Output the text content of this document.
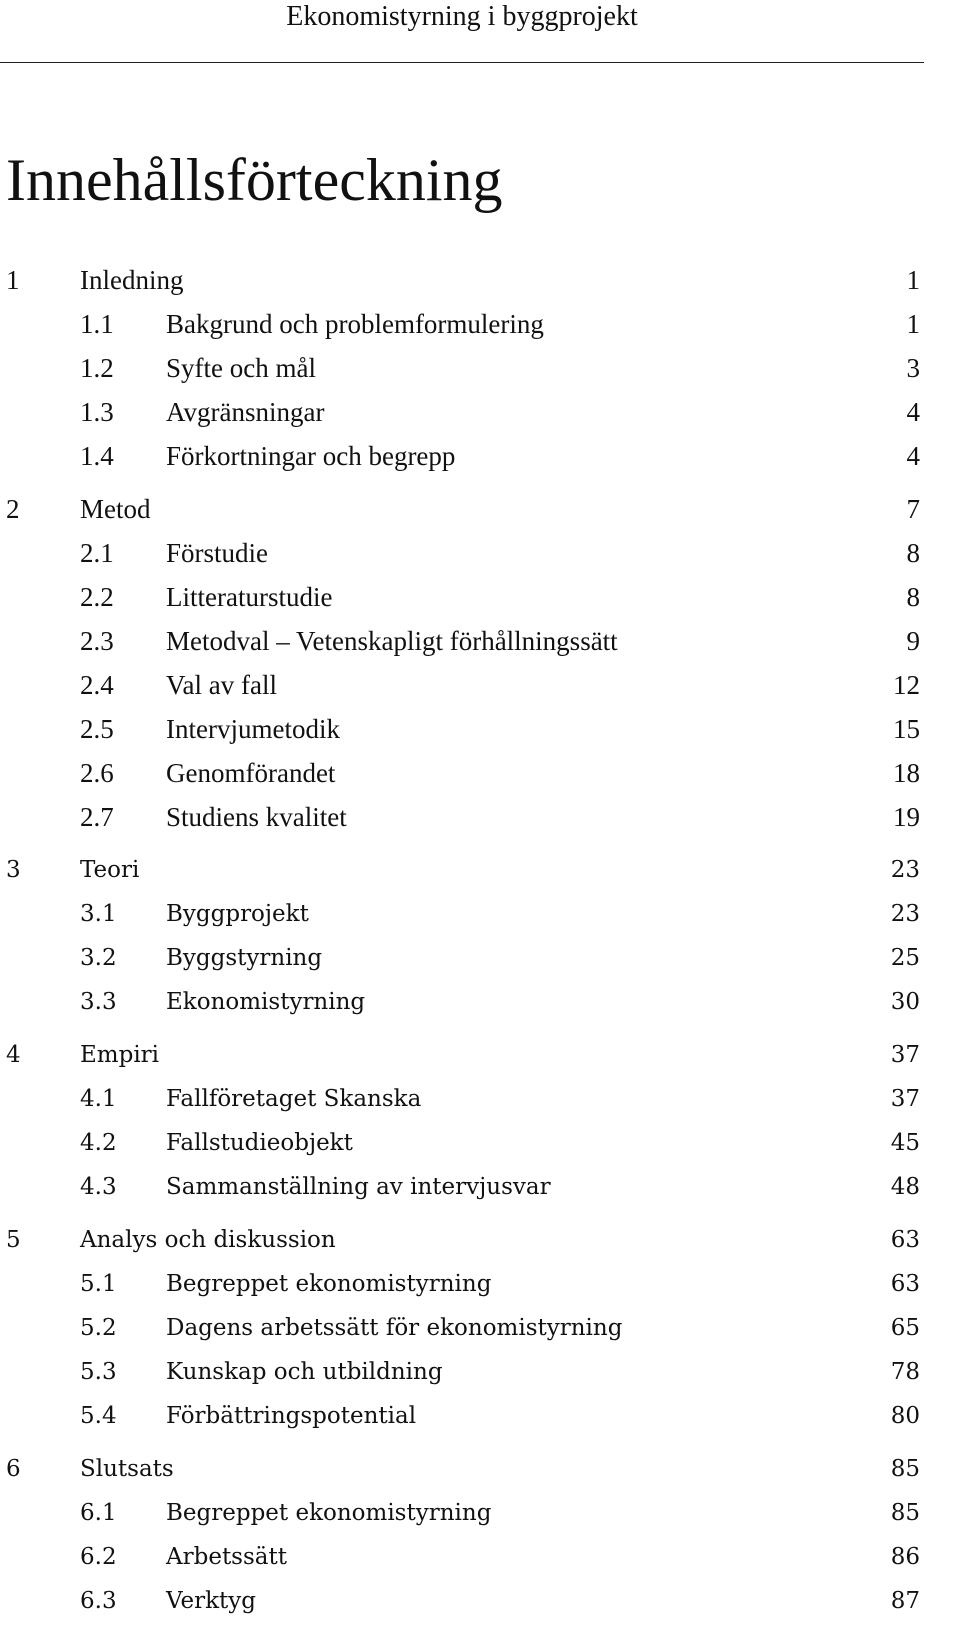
Ekonomistyrning i byggprojekt
Innehållsförteckning
1 Inledning	1
1.1 Bakgrund och problemformulering	1
1.2 Syfte och mål	3
1.3 Avgränsningar	4
1.4 Förkortningar och begrepp	4
2 Metod	7
2.1 Förstudie	8
2.2 Litteraturstudie	8
2.3 Metodval – Vetenskapligt förhållningssätt	9
2.4 Val av fall	12
2.5 Intervjumetodik	15
2.6 Genomförandet	18
2.7 Studiens kvalitet	19
3	Teori	23
3.1 Byggprojekt	23
3.2 Byggstyrning	25
3.3 Ekonomistyrning	30
4	Empiri	37
4.1 Fallföretaget Skanska	37
4.2 Fallstudieobjekt	45
4.3 Sammanställning av intervjusvar	48
5	Analys och diskussion	63
5.1 Begreppet ekonomistyrning	63
5.2 Dagens arbetssätt för ekonomistyrning	65
5.3 Kunskap och utbildning	78
5.4 Förbättringspotential	80
6	Slutsats	85
6.1 Begreppet ekonomistyrning	85
6.2 Arbetssätt	86
6.3 Verktyg	87
